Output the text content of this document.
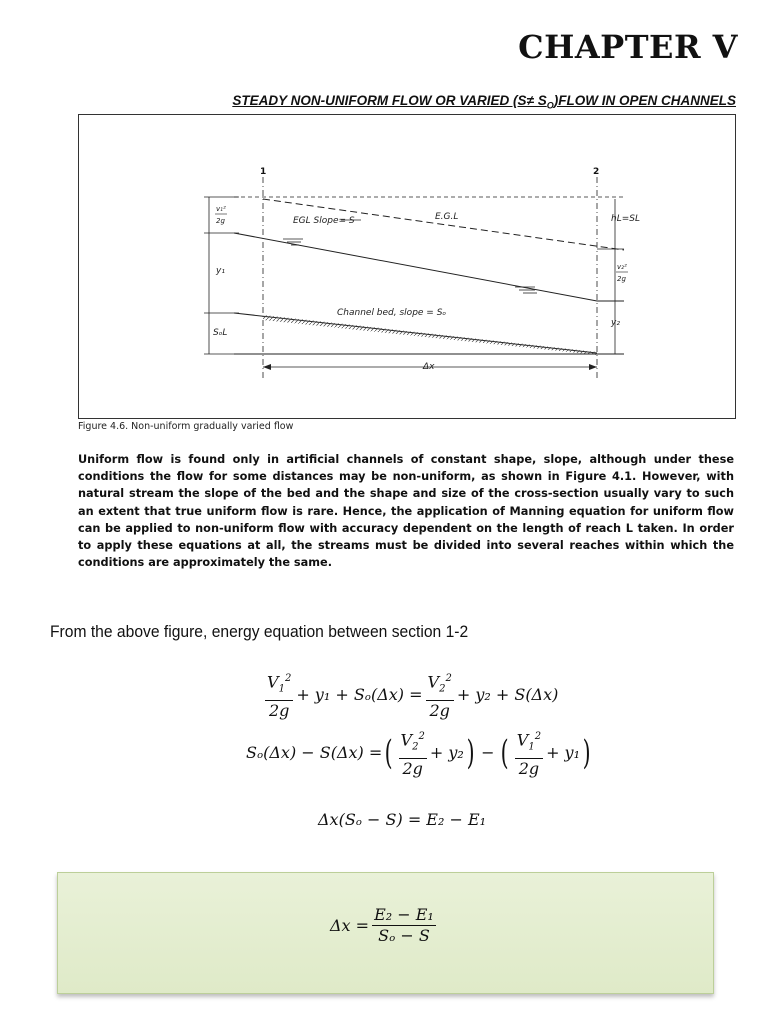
CHAPTER V
STEADY NON-UNIFORM FLOW OR VARIED $(S\ne S_O)FLOW$ IN OPEN CHANNELS
1	2
EGL Slope= S	E.G.L
v₁²
2g
y₁
SₒL
hL=SL
v₂²
2g
y₂
Channel bed, slope = Sₒ
Δx
Figure 4.6. Non-uniform gradually varied flow

Uniform flow is found only in artificial channels of constant shape, slope, although under these conditions the flow for some distances may be non-uniform, as shown in Figure 4.1. However, with natural stream the slope of the bed and the shape and size of the cross-section usually vary to such an extent that true uniform flow is rare. Hence, the application of Manning equation for uniform flow can be applied to non-uniform flow with accuracy dependent on the length of reach L taken. In order to apply these equations at all, the streams must be divided into several reaches within which the conditions are approximately the same.

From the above figure, energy equation between section 1-2
$\frac{V_1^2}{2g} + y_1 + S_o(\Delta x) = \frac{V_2^2}{2g} + y_2 + S(\Delta x)$
Sₒ(Δx) − S(Δx) = ( $\frac{V_2^2}{2g} + y_2$ ) − ( $\frac{V_1^2}{2g} + y_1$ )
Δx(Sₒ − S) = E₂ − E₁
$\Delta x = \frac{\text{E₂ − E₁}}{\text{Sₒ − S}}$
